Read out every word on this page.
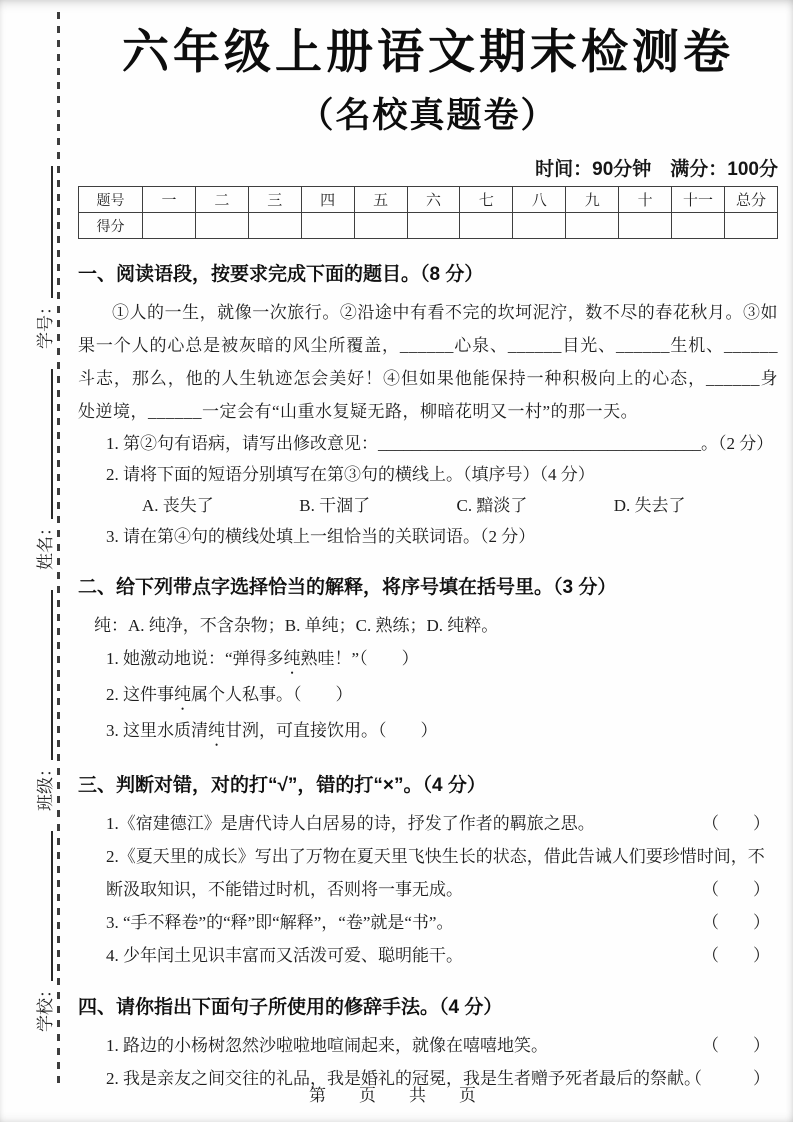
学校：
班级：
姓名：
学号：
六年级上册语文期末检测卷
（名校真题卷）
时间：90分钟　满分：100分
题号	一	二	三	四	五	六	七	八	九	十	十一	总分
得分												
一、阅读语段，按要求完成下面的题目。（8 分）
①人的一生，就像一次旅行。②沿途中有看不完的坎坷泥泞，数不尽的春花秋月。③如果一个人的心总是被灰暗的风尘所覆盖，______心泉、______目光、______生机、______斗志，那么，他的人生轨迹怎会美好！④但如果他能保持一种积极向上的心态，______身处逆境，______一定会有“山重水复疑无路，柳暗花明又一村”的那一天。
1. 第②句有语病，请写出修改意见：______________________________________。（2 分）
2. 请将下面的短语分别填写在第③句的横线上。（填序号）（4 分）
A. 丧失了	B. 干涸了	C. 黯淡了	D. 失去了
3. 请在第④句的横线处填上一组恰当的关联词语。（2 分）
二、给下列带点字选择恰当的解释，将序号填在括号里。（3 分）
纯：A. 纯净，不含杂物；B. 单纯；C. 熟练；D. 纯粹。
1. 她激动地说：“弹得多纯熟哇！”（　　）
2. 这件事纯属个人私事。（　　）
3. 这里水质清纯甘洌，可直接饮用。（　　）
三、判断对错，对的打“√”，错的打“×”。（4 分）
1.《宿建德江》是唐代诗人白居易的诗，抒发了作者的羁旅之思。	（　　）
2.《夏天里的成长》写出了万物在夏天里飞快生长的状态，借此告诫人们要珍惜时间，不断汲取知识，不能错过时机，否则将一事无成。	（　　）
3. “手不释卷”的“释”即“解释”，“卷”就是“书”。	（　　）
4. 少年闰土见识丰富而又活泼可爱、聪明能干。	（　　）
四、请你指出下面句子所使用的修辞手法。（4 分）
1. 路边的小杨树忽然沙啦啦地喧闹起来，就像在嘻嘻地笑。	（　　）
2. 我是亲友之间交往的礼品，我是婚礼的冠冕，我是生者赠予死者最后的祭献。
（　　　）
第　页　共　页
